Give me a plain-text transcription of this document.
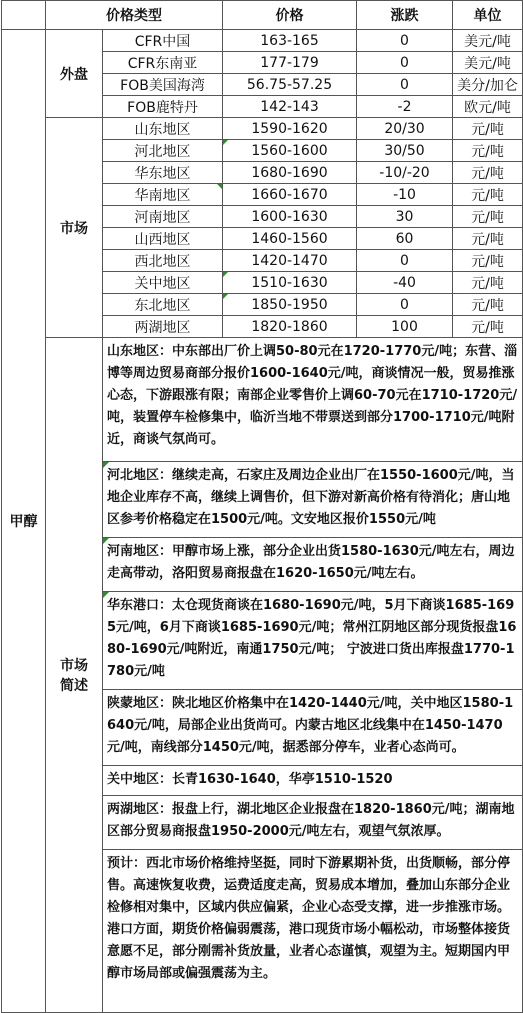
	价格类型		价格	涨跌	单位
甲醇	外盘	CFR中国	163-165	0	美元/吨
		CFR东南亚	177-179	0	美元/吨
		FOB美国海湾	56.75-57.25	0	美分/加仑
		FOB鹿特丹	142-143	-2	欧元/吨
	市场	山东地区	1590-1620	20/30	元/吨
		河北地区	1560-1600	30/50	元/吨
		华东地区	1680-1690	-10/-20	元/吨
		华南地区	1660-1670	-10	元/吨
		河南地区	1600-1630	30	元/吨
		山西地区	1460-1560	60	元/吨
		西北地区	1420-1470	0	元/吨
		关中地区	1510-1630	-40	元/吨
		东北地区	1850-1950	0	元/吨
		两湖地区	1820-1860	100	元/吨

	市场
简述	山东地区：中东部出厂价上调50-80元在1720-1770元/吨；东营、淄博等周边贸易商部分报价1600-1640元/吨，商谈情况一般，贸易推涨心态，下游跟涨有限；南部企业零售价上调60-70元在1710-1720元/吨，装置停车检修集中，临沂当地不带票送到部分1700-1710元/吨附近，商谈气氛尚可。			
		河北地区：继续走高，石家庄及周边企业出厂在1550-1600元/吨，当地企业库存不高，继续上调售价，但下游对新高价格有待消化；唐山地区参考价格稳定在1500元/吨。文安地区报价1550元/吨			
		河南地区：甲醇市场上涨，部分企业出货1580-1630元/吨左右，周边走高带动，洛阳贸易商报盘在1620-1650元/吨左右。			
		华东港口：太仓现货商谈在1680-1690元/吨，5月下商谈1685-1695元/吨，6月下商谈1685-1690元/吨；常州江阴地区部分现货报盘1680-1690元/吨附近，南通1750元/吨； 宁波进口货出库报盘1770-1780元/吨			
		陕蒙地区：陕北地区价格集中在1420-1440元/吨，关中地区1580-1640元/吨，局部企业出货尚可。内蒙古地区北线集中在1450-1470元/吨，南线部分1450元/吨，据悉部分停车，业者心态尚可。			
		关中地区：长青1630-1640，华亭1510-1520			
		两湖地区：报盘上行，湖北地区企业报盘在1820-1860元/吨；湖南地区部分贸易商报盘1950-2000元/吨左右，观望气氛浓厚。			
		预计：西北市场价格维持坚挺，同时下游累期补货，出货顺畅，部分停售。高速恢复收费，运费适度走高，贸易成本增加，叠加山东部分企业检修相对集中，区域内供应偏紧，企业心态受支撑，进一步推涨市场。港口方面，期货价格偏弱震荡，港口现货市场小幅松动，市场整体接货意愿不足，部分刚需补货放量，业者心态谨慎，观望为主。短期国内甲醇市场局部或偏强震荡为主。			
